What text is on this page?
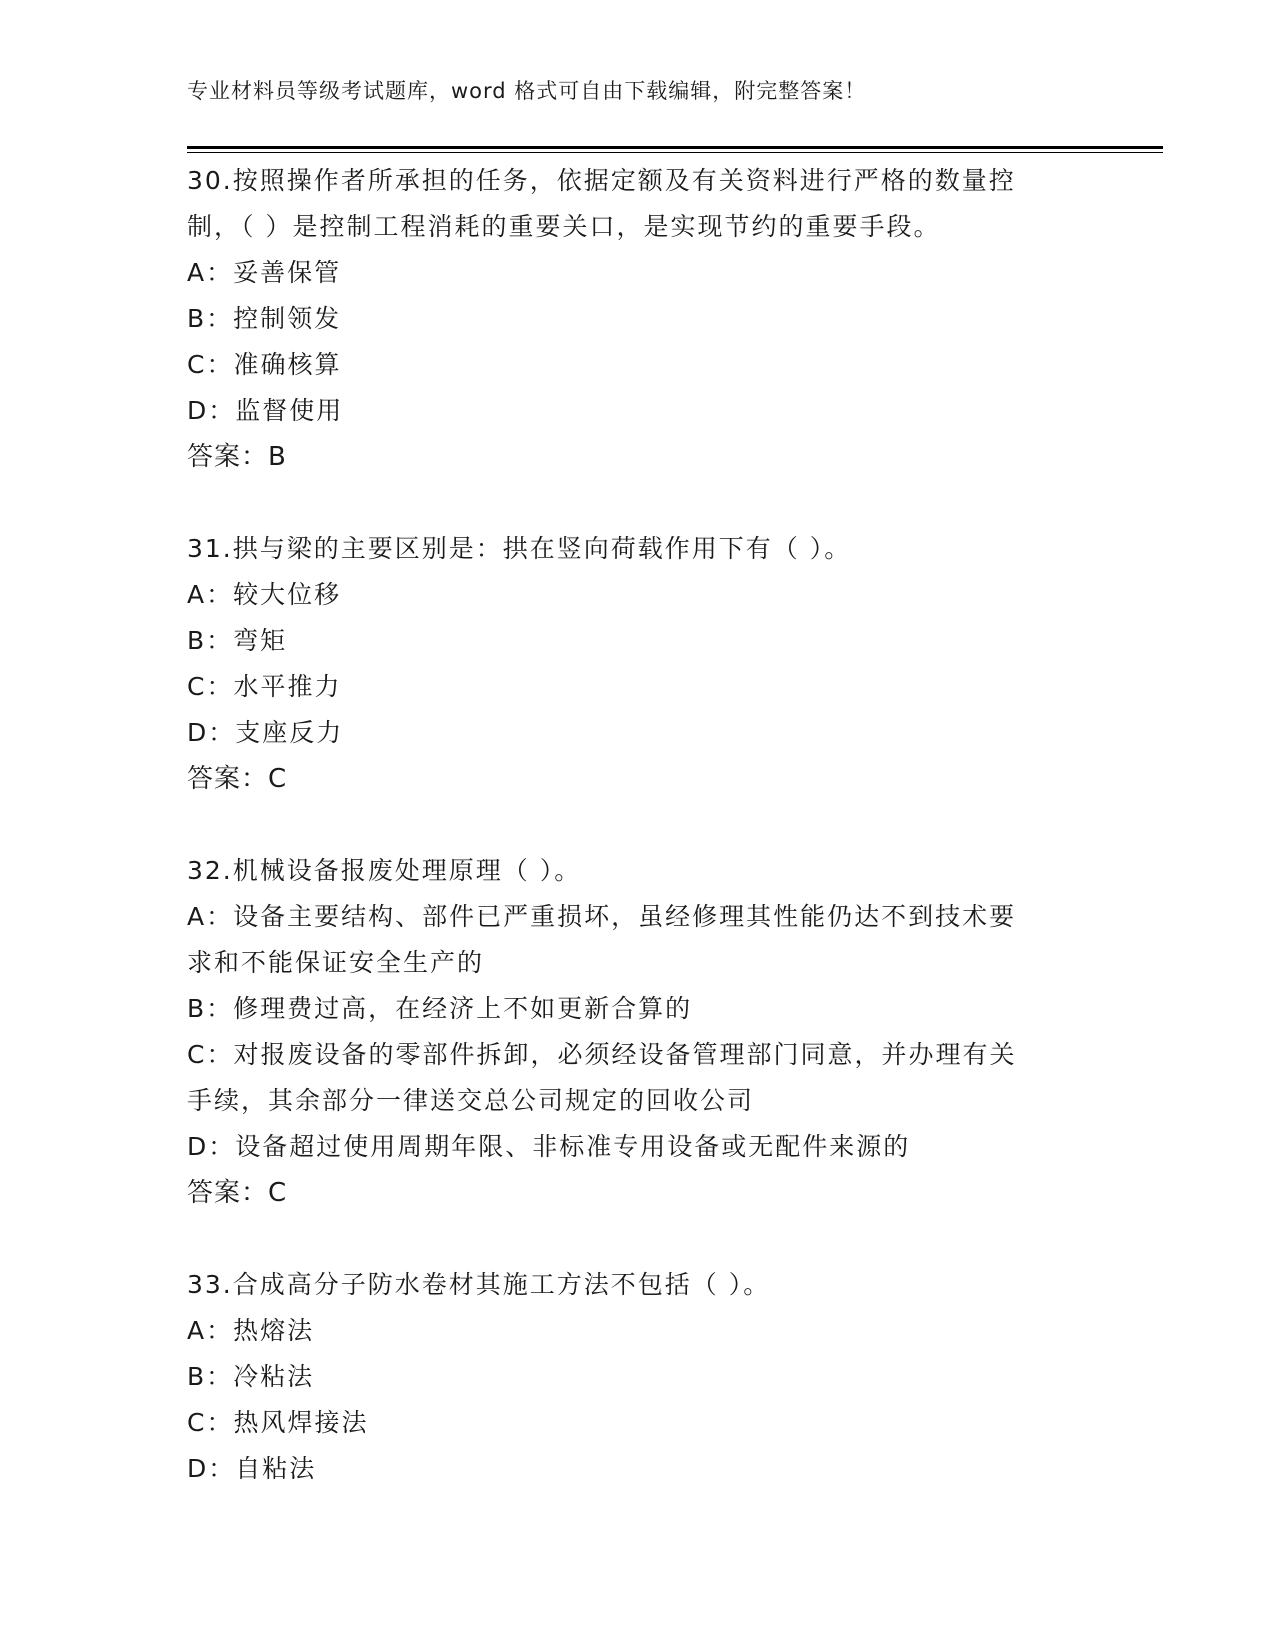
专业材料员等级考试题库，word 格式可自由下载编辑，附完整答案！

30.按照操作者所承担的任务，依据定额及有关资料进行严格的数量控

制，（ ）是控制工程消耗的重要关口，是实现节约的重要手段。

A：妥善保管

B：控制领发

C：准确核算

D：监督使用

答案：B

31.拱与梁的主要区别是：拱在竖向荷载作用下有（ ）。

A：较大位移

B：弯矩

C：水平推力

D：支座反力

答案：C

32.机械设备报废处理原理（ ）。

A：设备主要结构、部件已严重损坏，虽经修理其性能仍达不到技术要

求和不能保证安全生产的

B：修理费过高，在经济上不如更新合算的

C：对报废设备的零部件拆卸，必须经设备管理部门同意，并办理有关

手续，其余部分一律送交总公司规定的回收公司

D：设备超过使用周期年限、非标准专用设备或无配件来源的

答案：C

33.合成高分子防水卷材其施工方法不包括（ ）。

A：热熔法

B：冷粘法

C：热风焊接法

D：自粘法
